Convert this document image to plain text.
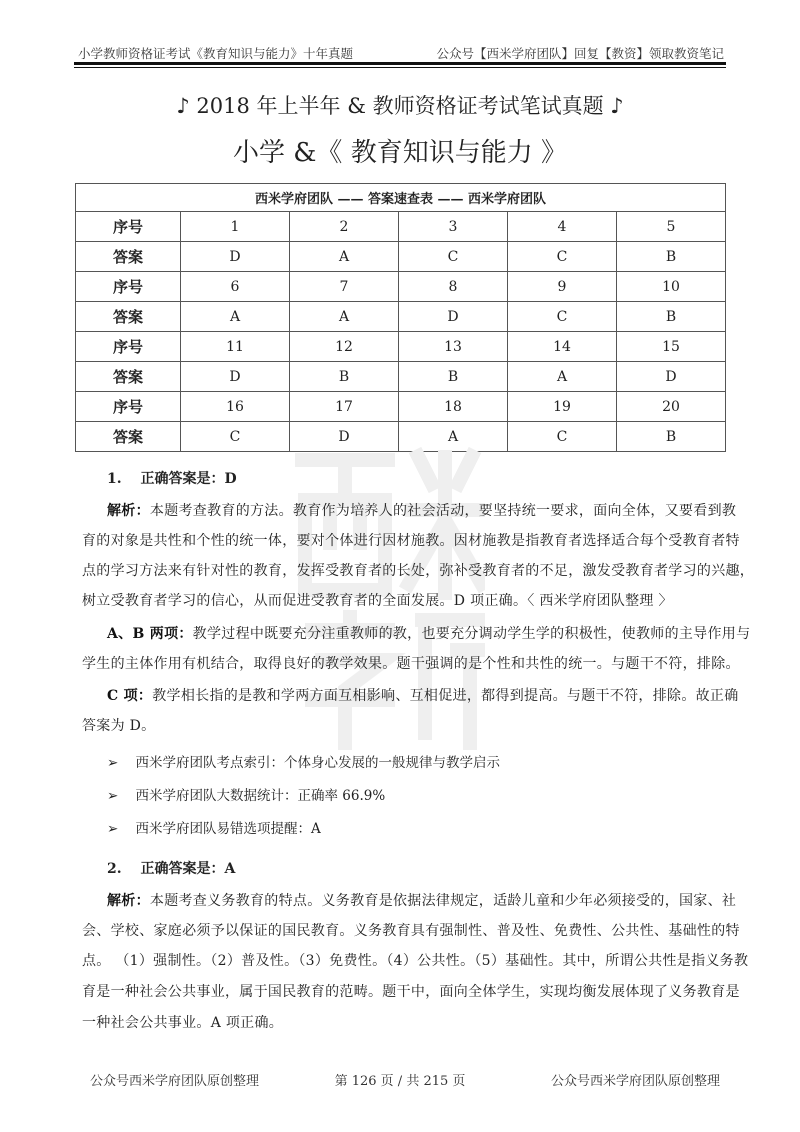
小学教师资格证考试《教育知识与能力》十年真题	公众号【西米学府团队】回复【教资】领取教资笔记
♪ 2018 年上半年 & 教师资格证考试笔试真题 ♪
小学 &《 教育知识与能力 》
西米学府团队 —— 答案速查表 —— 西米学府团队					
序号	1	2	3	4	5
答案	D	A	C	C	B
序号	6	7	8	9	10
答案	A	A	D	C	B
序号	11	12	13	14	15
答案	D	B	B	A	D
序号	16	17	18	19	20
答案	C	D	A	C	B
1.　 正确答案是：D
解析：本题考查教育的方法。教育作为培养人的社会活动，要坚持统一要求，面向全体，又要看到教
育的对象是共性和个性的统一体，要对个体进行因材施教。因材施教是指教育者选择适合每个受教育者特
点的学习方法来有针对性的教育，发挥受教育者的长处，弥补受教育者的不足，激发受教育者学习的兴趣，
树立受教育者学习的信心，从而促进受教育者的全面发展。D 项正确。〈 西米学府团队整理 〉
A、B 两项：教学过程中既要充分注重教师的教，也要充分调动学生学的积极性，使教师的主导作用与
学生的主体作用有机结合，取得良好的教学效果。题干强调的是个性和共性的统一。与题干不符，排除。
C 项：教学相长指的是教和学两方面互相影响、互相促进，都得到提高。与题干不符，排除。故正确
答案为 D。
➢ 西米学府团队考点索引：个体身心发展的一般规律与教学启示
➢ 西米学府团队大数据统计：正确率 66.9%
➢ 西米学府团队易错选项提醒：A
2.　 正确答案是：A
解析：本题考查义务教育的特点。义务教育是依据法律规定，适龄儿童和少年必须接受的，国家、社
会、学校、家庭必须予以保证的国民教育。义务教育具有强制性、普及性、免费性、公共性、基础性的特
点。 （1）强制性。（2）普及性。（3）免费性。（4）公共性。（5）基础性。其中，所谓公共性是指义务教
育是一种社会公共事业，属于国民教育的范畴。题干中，面向全体学生，实现均衡发展体现了义务教育是
一种社会公共事业。A 项正确。
公众号西米学府团队原创整理	第 126 页 / 共 215 页	公众号西米学府团队原创整理
